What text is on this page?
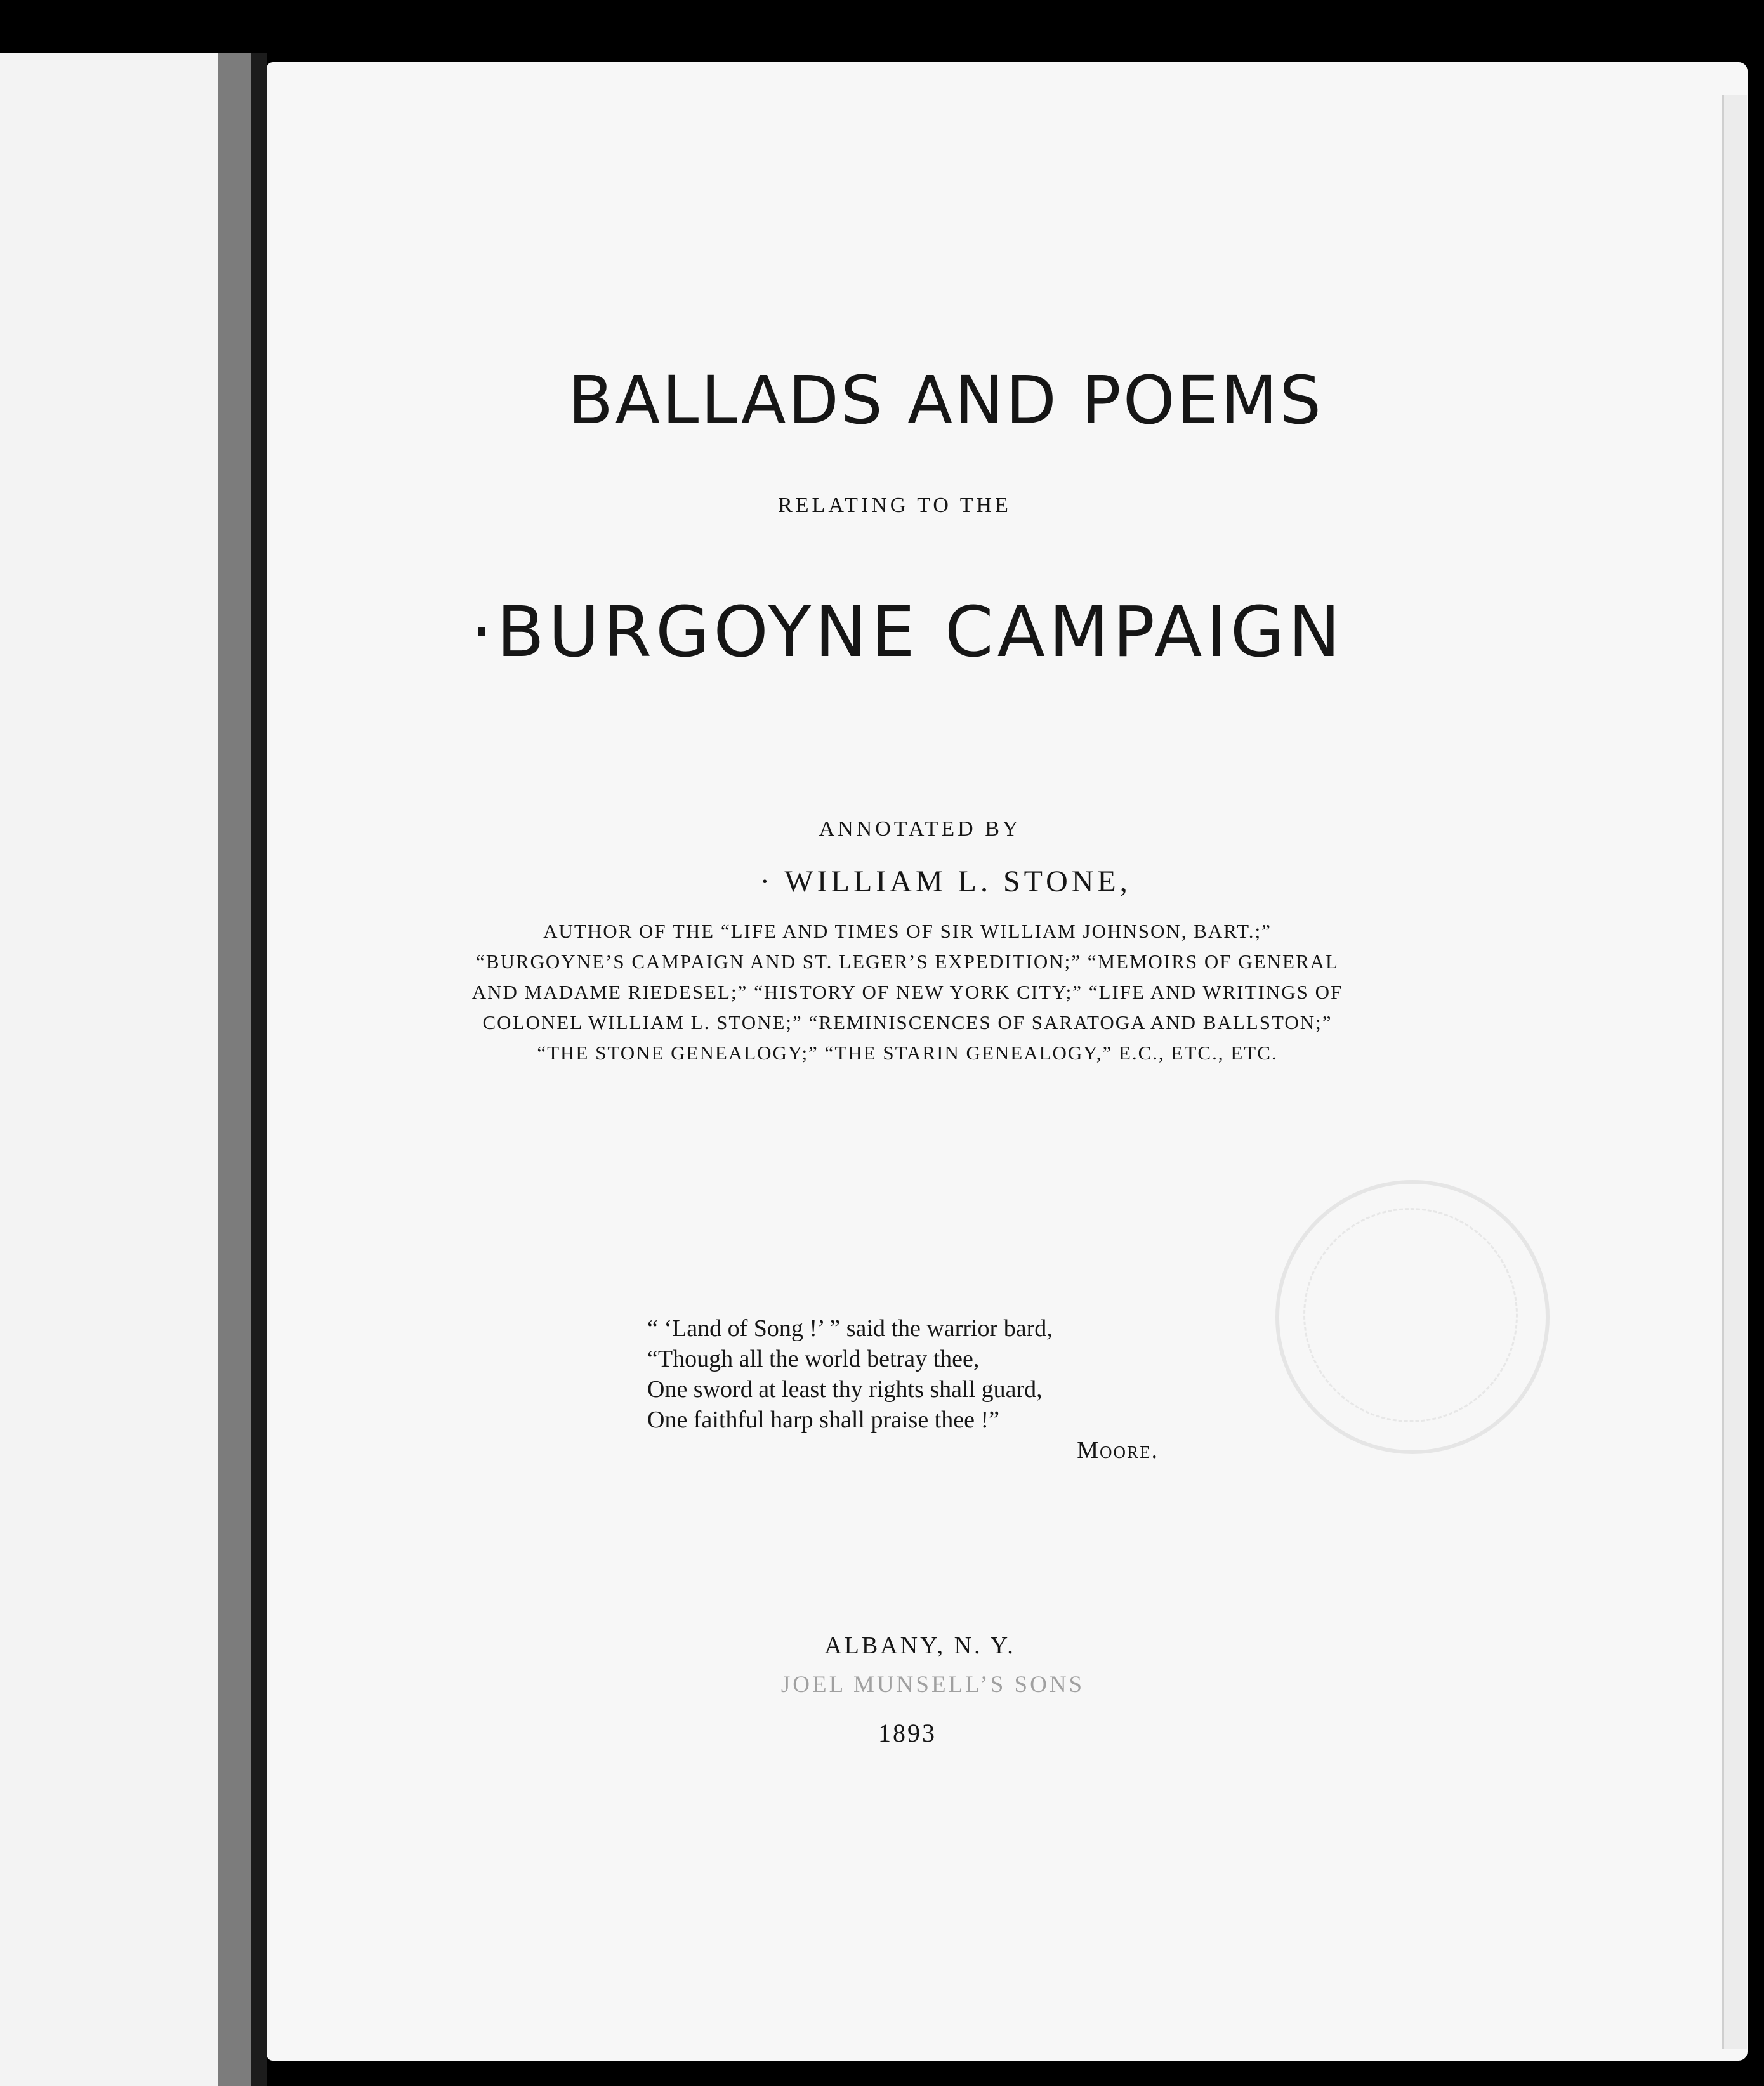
BALLADS AND POEMS
RELATING TO THE
·BURGOYNE CAMPAIGN
ANNOTATED BY
· WILLIAM L. STONE,
AUTHOR OF THE “LIFE AND TIMES OF SIR WILLIAM JOHNSON, BART.;” “BURGOYNE’S CAMPAIGN AND ST. LEGER’S EXPEDITION;” “MEMOIRS OF GENERAL AND MADAME RIEDESEL;” “HISTORY OF NEW YORK CITY;” “LIFE AND WRITINGS OF COLONEL WILLIAM L. STONE;” “REMINISCENCES OF SARATOGA AND BALLSTON;” “THE STONE GENEALOGY;” “THE STARIN GENEALOGY,” E.C., ETC., ETC.
“ ‘Land of Song !’ ” said the warrior bard,
“Though all the world betray thee,
One sword at least thy rights shall guard,
One faithful harp shall praise thee !”
Moore.
ALBANY, N. Y.
JOEL MUNSELL’S SONS
1893
